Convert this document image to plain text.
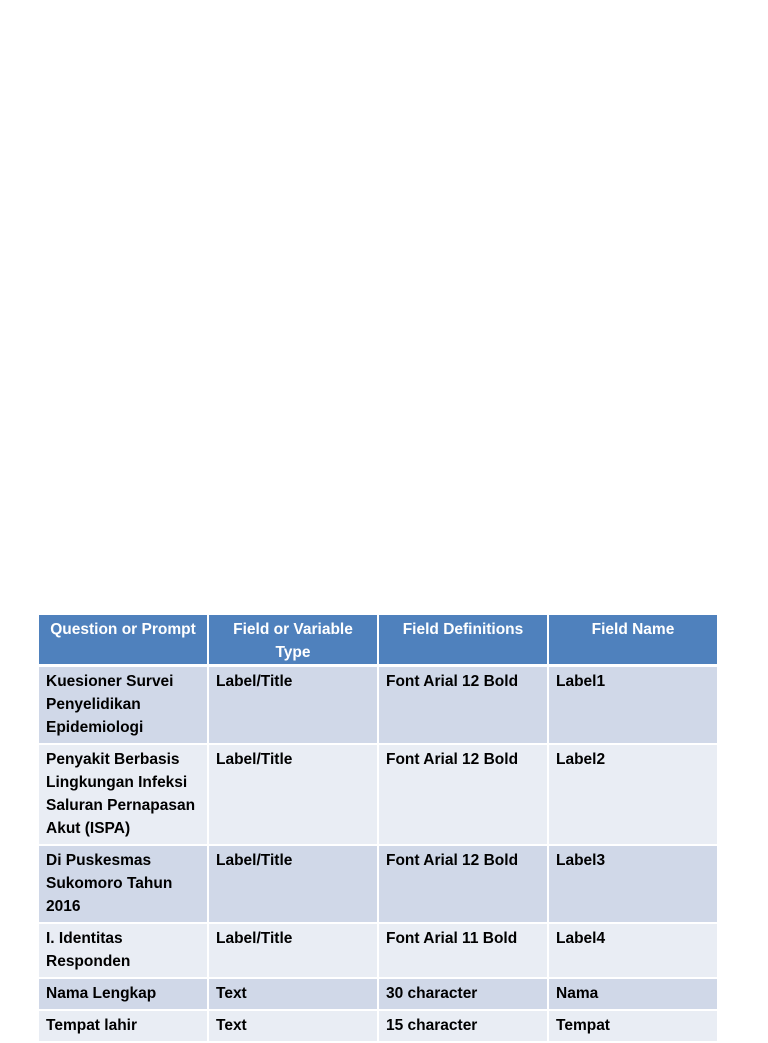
Question or Prompt	Field or Variable Type	Field Definitions	Field Name
Kuesioner Survei Penyelidikan Epidemiologi	Label/Title	Font Arial 12 Bold	Label1
Penyakit Berbasis Lingkungan Infeksi Saluran Pernapasan Akut (ISPA)	Label/Title	Font Arial 12 Bold	Label2
Di Puskesmas Sukomoro Tahun 2016	Label/Title	Font Arial 12 Bold	Label3
I. Identitas Responden	Label/Title	Font Arial 11 Bold	Label4
Nama Lengkap	Text	30 character	Nama
Tempat lahir	Text	15 character	Tempat
